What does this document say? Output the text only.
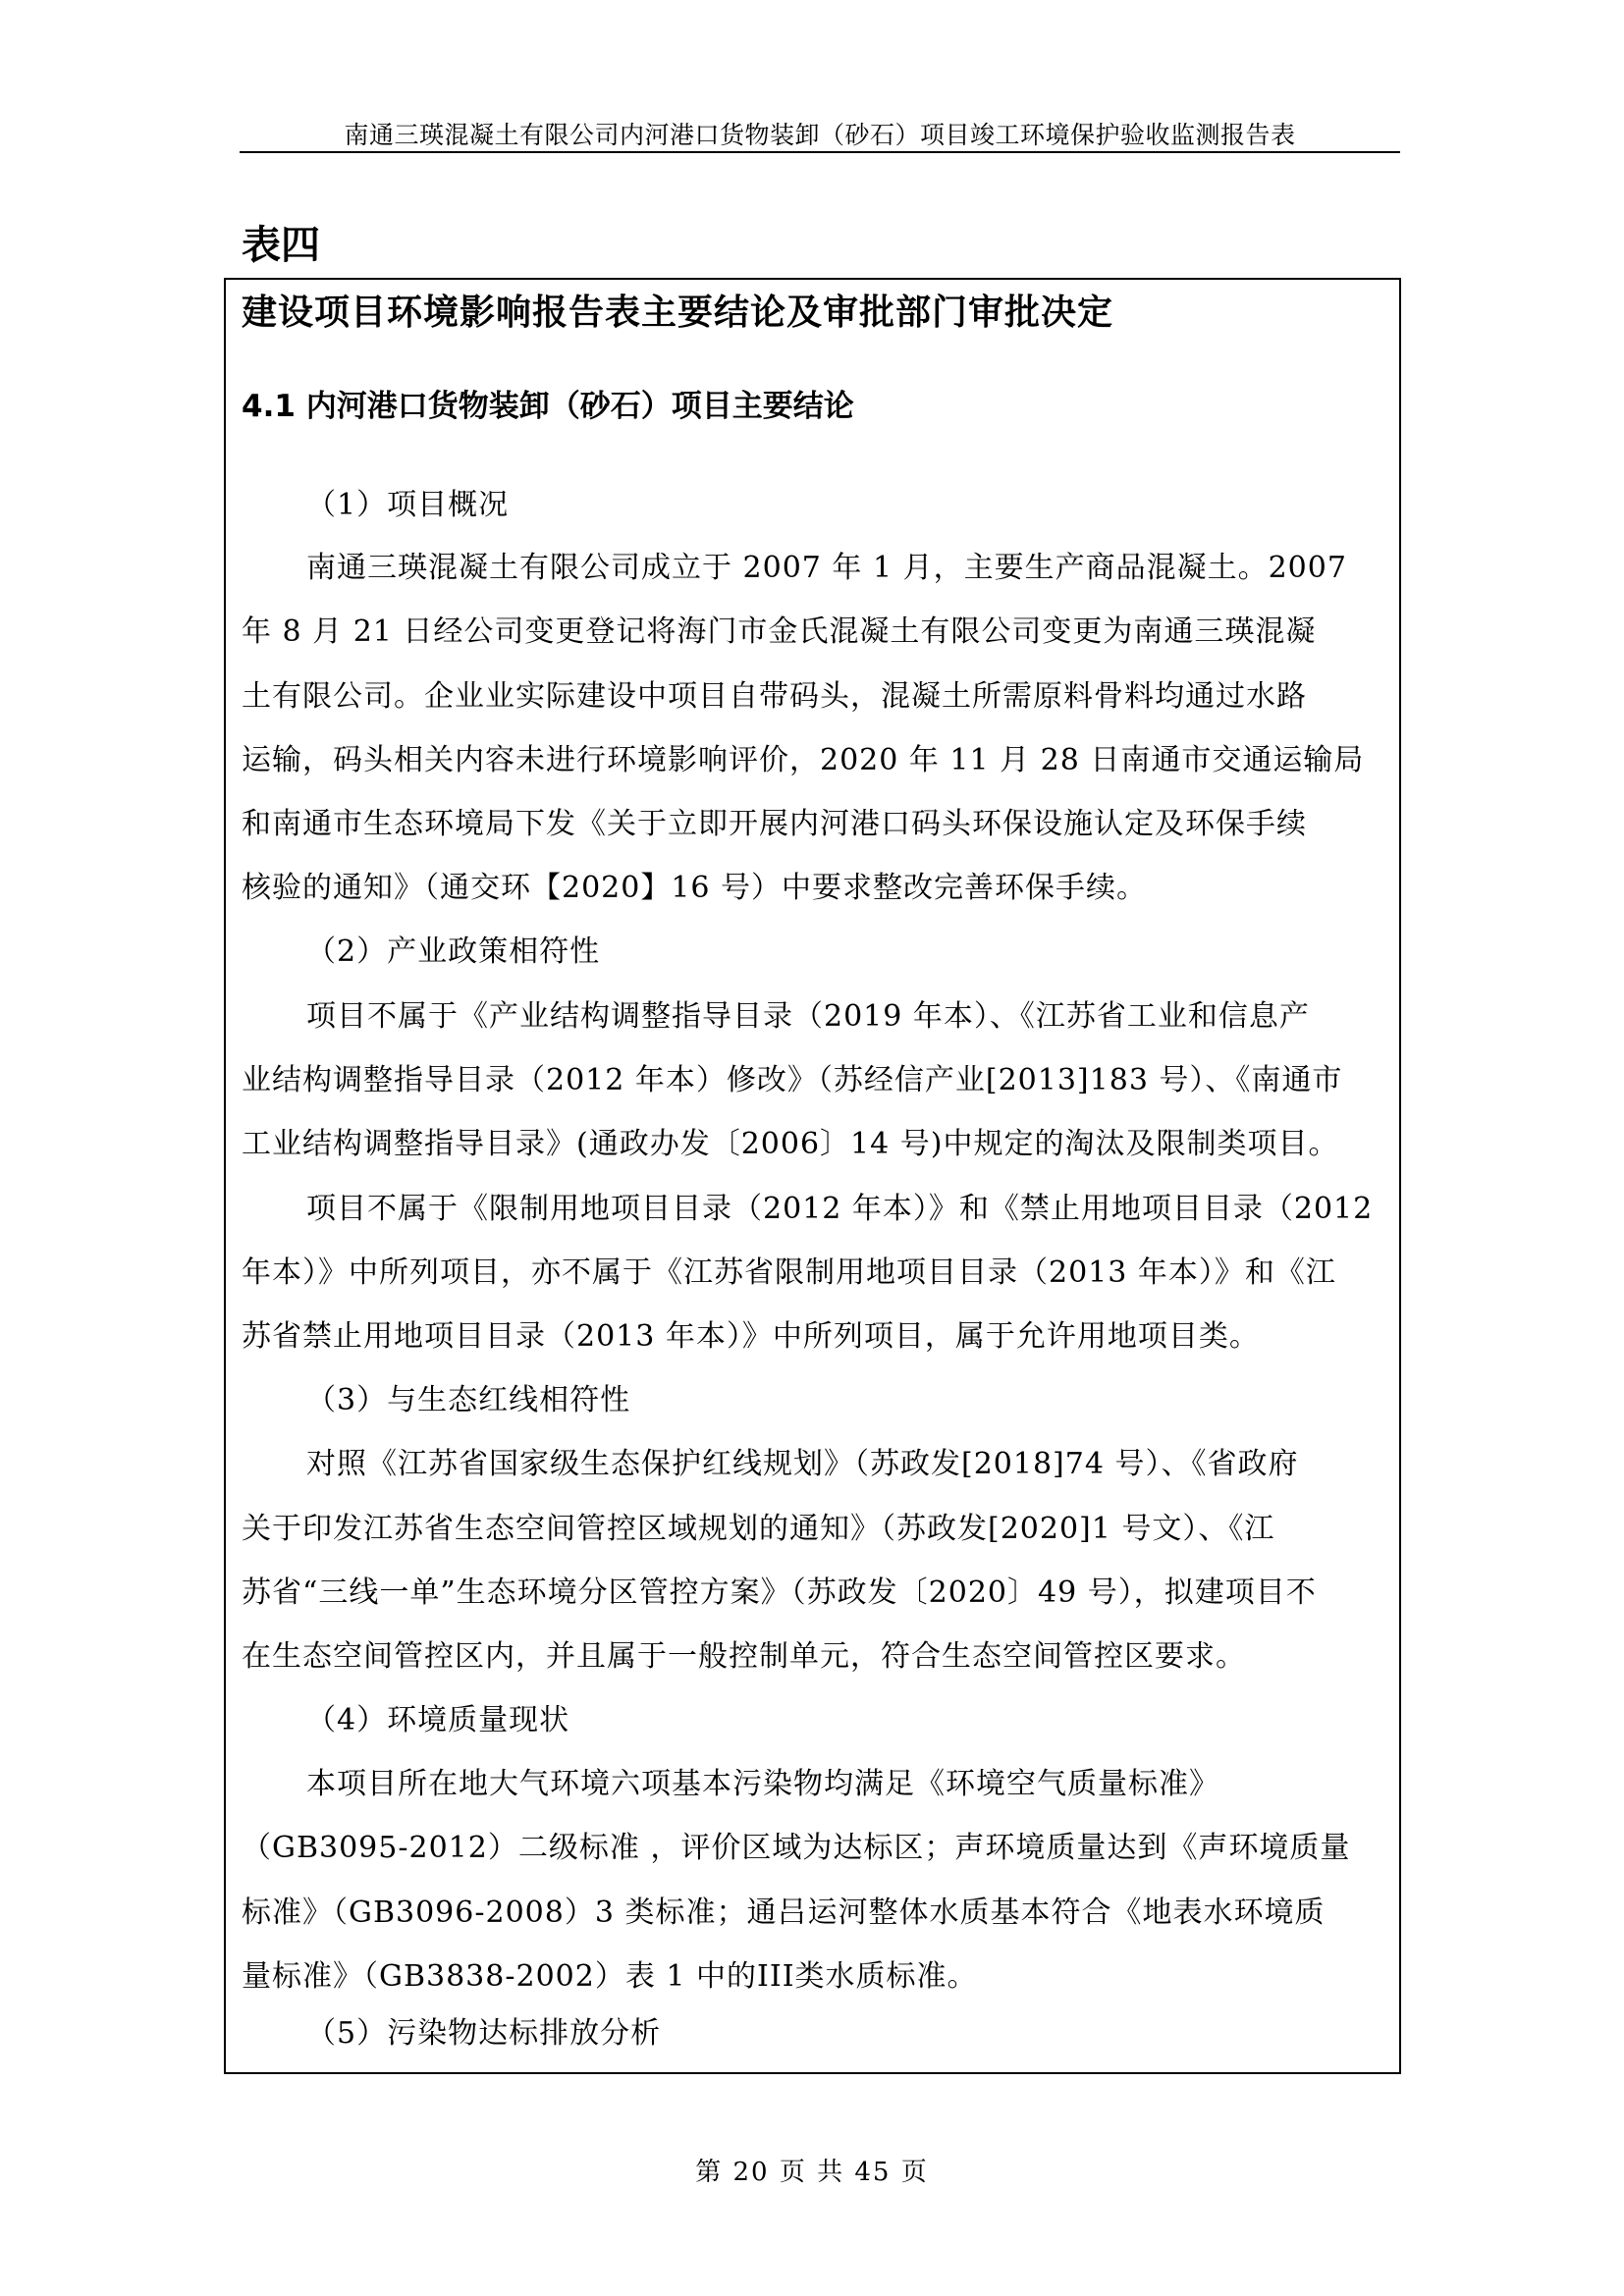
南通三瑛混凝土有限公司内河港口货物装卸（砂石）项目竣工环境保护验收监测报告表
表四
建设项目环境影响报告表主要结论及审批部门审批决定
4.1 内河港口货物装卸（砂石）项目主要结论
（1）项目概况
南通三瑛混凝土有限公司成立于 2007 年 1 月，主要生产商品混凝土。2007
年 8 月 21 日经公司变更登记将海门市金氏混凝土有限公司变更为南通三瑛混凝
土有限公司。企业业实际建设中项目自带码头，混凝土所需原料骨料均通过水路
运输，码头相关内容未进行环境影响评价，2020 年 11 月 28 日南通市交通运输局
和南通市生态环境局下发《关于立即开展内河港口码头环保设施认定及环保手续
核验的通知》（通交环【2020】16 号）中要求整改完善环保手续。
（2）产业政策相符性
项目不属于《产业结构调整指导目录（2019 年本）、《江苏省工业和信息产
业结构调整指导目录（2012 年本）修改》（苏经信产业[2013]183 号）、《南通市
工业结构调整指导目录》(通政办发〔2006〕14 号)中规定的淘汰及限制类项目。
项目不属于《限制用地项目目录（2012 年本）》和《禁止用地项目目录（2012
年本）》中所列项目，亦不属于《江苏省限制用地项目目录（2013 年本）》和《江
苏省禁止用地项目目录（2013 年本）》中所列项目，属于允许用地项目类。
（3）与生态红线相符性
对照《江苏省国家级生态保护红线规划》（苏政发[2018]74 号）、《省政府
关于印发江苏省生态空间管控区域规划的通知》（苏政发[2020]1 号文）、《江
苏省“三线一单”生态环境分区管控方案》（苏政发〔2020〕49 号），拟建项目不
在生态空间管控区内，并且属于一般控制单元，符合生态空间管控区要求。
（4）环境质量现状
本项目所在地大气环境六项基本污染物均满足《环境空气质量标准》
（GB3095-2012）二级标准 ，评价区域为达标区；声环境质量达到《声环境质量
标准》（GB3096-2008）3 类标准；通吕运河整体水质基本符合《地表水环境质
量标准》（GB3838-2002）表 1 中的III类水质标准。
（5）污染物达标排放分析
第 20 页 共 45 页
